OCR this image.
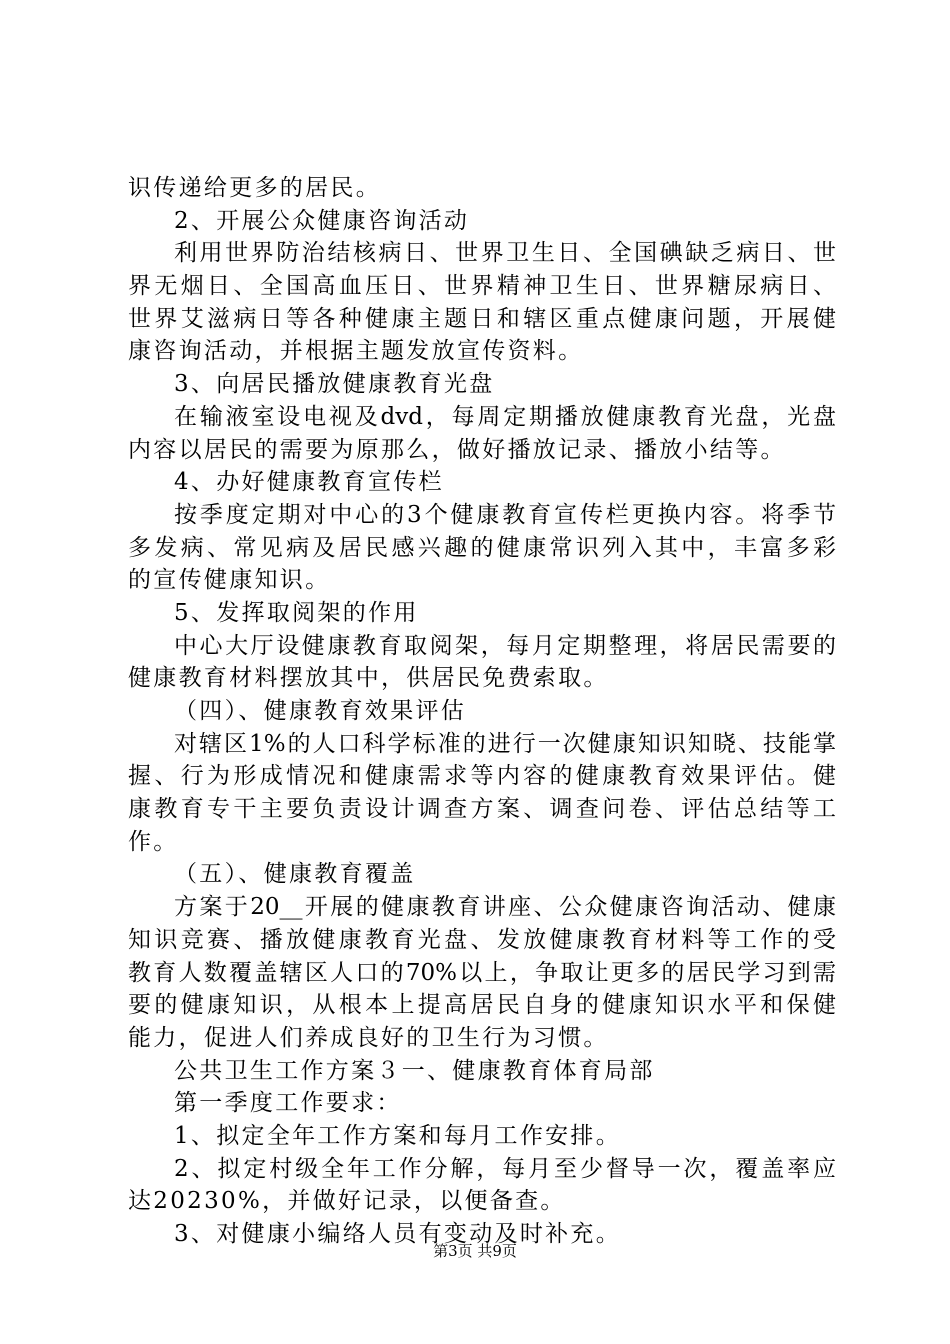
识传递给更多的居民。
2、开展公众健康咨询活动
利用世界防治结核病日、世界卫生日、全国碘缺乏病日、世
界无烟日、全国高血压日、世界精神卫生日、世界糖尿病日、
世界艾滋病日等各种健康主题日和辖区重点健康问题，开展健
康咨询活动，并根据主题发放宣传资料。
3、向居民播放健康教育光盘
在输液室设电视及dvd，每周定期播放健康教育光盘，光盘
内容以居民的需要为原那么，做好播放记录、播放小结等。
4、办好健康教育宣传栏
按季度定期对中心的3个健康教育宣传栏更换内容。将季节
多发病、常见病及居民感兴趣的健康常识列入其中，丰富多彩
的宣传健康知识。
5、发挥取阅架的作用
中心大厅设健康教育取阅架，每月定期整理，将居民需要的
健康教育材料摆放其中，供居民免费索取。
（四）、健康教育效果评估
对辖区1%的人口科学标准的进行一次健康知识知晓、技能掌
握、行为形成情况和健康需求等内容的健康教育效果评估。健
康教育专干主要负责设计调查方案、调查问卷、评估总结等工
作。
（五）、健康教育覆盖
方案于20__开展的健康教育讲座、公众健康咨询活动、健康
知识竞赛、播放健康教育光盘、发放健康教育材料等工作的受
教育人数覆盖辖区人口的70%以上，争取让更多的居民学习到需
要的健康知识，从根本上提高居民自身的健康知识水平和保健
能力，促进人们养成良好的卫生行为习惯。
公共卫生工作方案３一、健康教育体育局部
第一季度工作要求：
1、拟定全年工作方案和每月工作安排。
2、拟定村级全年工作分解，每月至少督导一次，覆盖率应
达20230%，并做好记录，以便备查。
3、对健康小编络人员有变动及时补充。
第3页 共9页
